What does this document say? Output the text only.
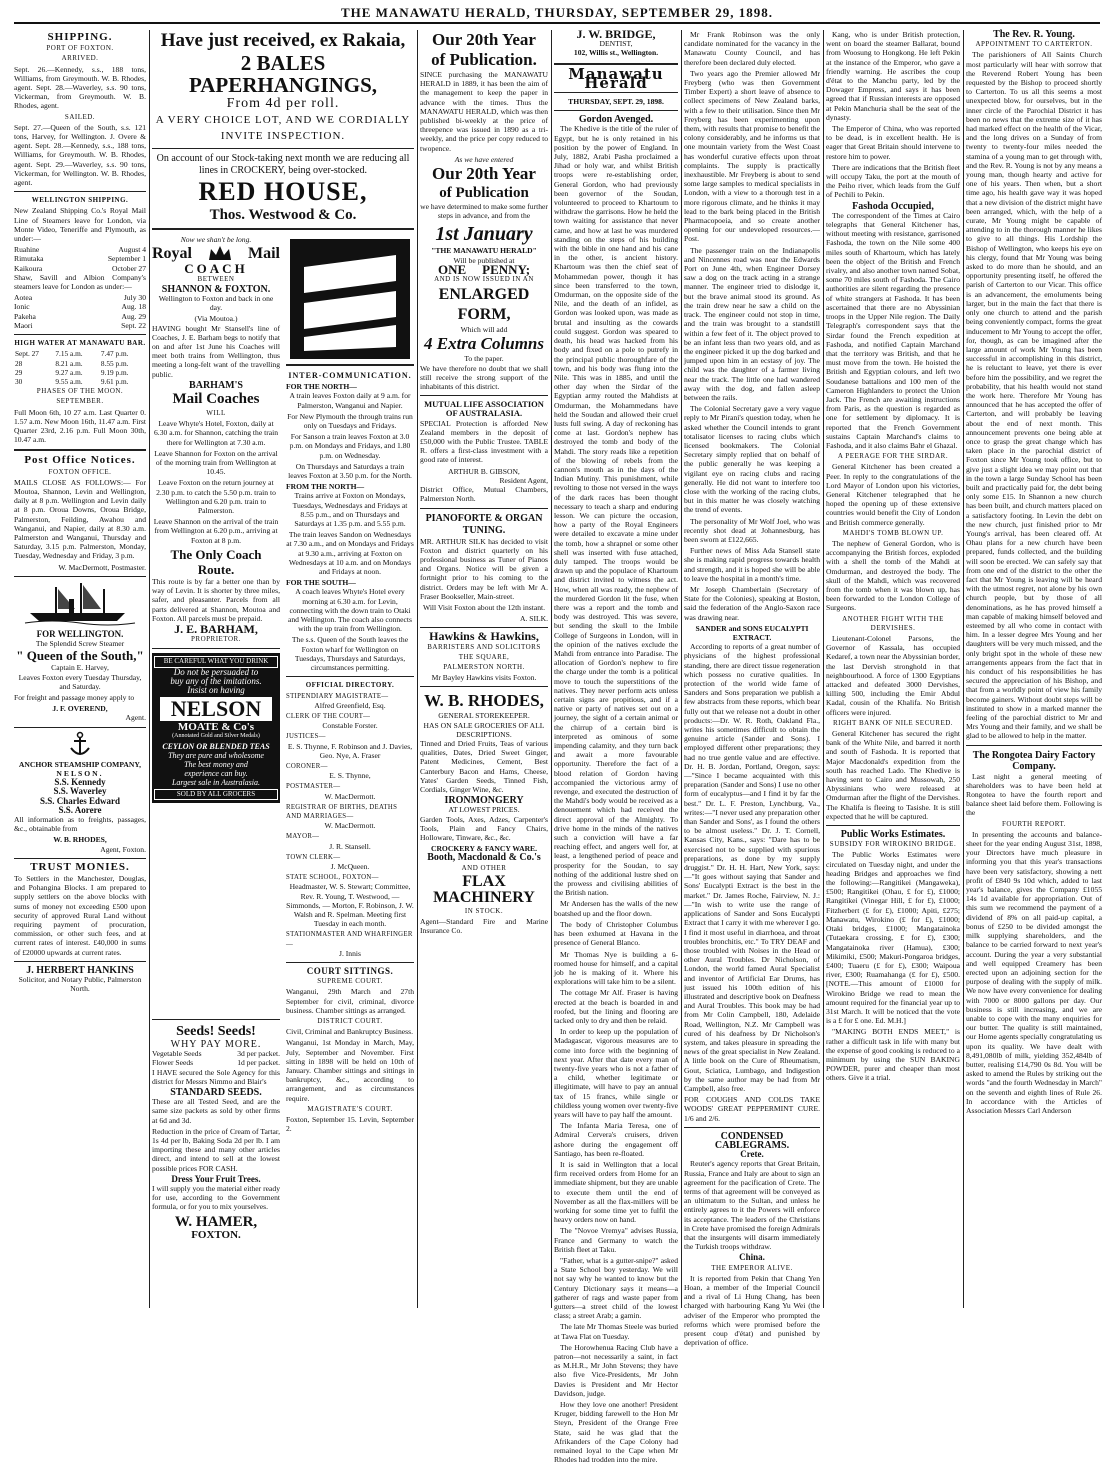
THE MANAWATU HERALD, THURSDAY, SEPTEMBER 29, 1898.
SHIPPING.
PORT OF FOXTON.
ARRIVED.

Sept. 26.—Kennedy, s.s., 188 tons, Williams, from Greymouth. W. B. Rhodes, agent. Sept. 28.—Waverley, s.s. 90 tons, Vickerman, from Greymouth. W. B. Rhodes, agent.

SAILED.

Sept. 27.—Queen of the South, s.s. 121 tons, Harvey, for Wellington. J. Overe & agent. Sept. 28.—Kennedy, s.s., 188 tons, Williams, for Greymouth. W. B. Rhodes, agent. Sept. 29.—Waverley, s.s. 90 tons, Vickerman, for Wellington. W. B. Rhodes, agent.

WELLINGTON SHIPPING.

New Zealand Shipping Co.'s Royal Mail Line of Steamers leave for London, via Monte Video, Teneriffe and Plymouth, as under:—

Ruahine	August 4
Rimutaka	September 1
Kaikoura	October 27

Shaw, Savill and Albion Company's steamers leave for London as under:—

Aotea	July 30
Ionic	Aug. 18
Pakeha	Aug. 29
Maori	Sept. 22
HIGH WATER AT MANAWATU BAR.
Sept. 27	7.15 a.m.	7.47 p.m.
28	8.21 a.m.	8.55 p.m.
29	9.27 a.m.	9.19 p.m.
30	9.55 a.m.	9.61 p.m.
PHASES OF THE MOON.
SEPTEMBER.

Full Moon 6th, 10 27 a.m. Last Quarter 0. 1.57 a.m. New Moon 16th, 11.47 a.m. First Quarter 23rd, 2.16 p.m. Full Moon 30th, 10.47 a.m.

Post Office Notices.
FOXTON OFFICE.

MAILS CLOSE AS FOLLOWS:— For Moutoa, Shannon, Levin and Wellington, daily at 8 p.m. Wellington and Levin daily at 8 p.m. Oroua Downs, Oroua Bridge, Palmerston, Feilding, Awahou and Wanganui, and Napier, daily at 8.30 a.m. Palmerston and Wanganui, Thursday and Saturday, 3.15 p.m. Palmerston, Monday, Tuesday, Wednesday and Friday, 3 p.m.

W. MacDermott, Postmaster.

FOR WELLINGTON.
The Splendid Screw Steamer
" Queen of the South,"
Captain E. Harvey,

Leaves Foxton every Tuesday Thursday, and Saturday.

For freight and passage money apply to

J. F. OVEREND,
Agent.
ANCHOR STEAMSHIP COMPANY,
NELSON.
S.S. Kennedy
S.S. Waverley
S.S. Charles Edward
S.S. Aorere

All information as to freights, passages, &c., obtainable from

W. B. RHODES,
Agent, Foxton.
TRUST MONIES.

To Settlers in the Manchester, Douglas, and Pohangina Blocks. I am prepared to supply settlers on the above blocks with sums of money not exceeding £500 upon security of approved Rural Land without requiring payment of procuration, commission, or other such fees, and at current rates of interest. £40,000 in sums of £20000 upwards at current rates.

J. HERBERT HANKINS
Solicitor, and Notary Public, Palmerston North.
Have just received, ex Rakaia,
2 BALES PAPERHANGINGS,
From 4d per roll.
A VERY CHOICE LOT, AND WE CORDIALLY INVITE INSPECTION.
On account of our Stock-taking next month we are reducing all lines in CROCKERY, being over-stocked.
RED HOUSE,
Thos. Westwood & Co.
Now we shan't be long.
Royal	Mail
COACH
BETWEEN
SHANNON & FOXTON.

Wellington to Foxton and back in one day.

(Via Moutoa.)

HAVING bought Mr Stansell's line of Coaches, J. E. Barham begs to notify that on and after 1st June his Coaches will meet both trains from Wellington, thus meeting a long-felt want of the travelling public.

BARHAM'S
Mail Coaches
WILL

Leave Whyte's Hotel, Foxton, daily at 6.30 a.m. for Shannon, catching the train there for Wellington at 7.30 a.m.

Leave Shannon for Foxton on the arrival of the morning train from Wellington at 10.45.

Leave Foxton on the return journey at 2.30 p.m. to catch the 5.50 p.m. train to Wellington and 6.20 p.m. train to Palmerston.

Leave Shannon on the arrival of the train from Wellington at 6.20 p.m., arriving at Foxton at 8 p.m.

The Only Coach Route.

This route is by far a better one than by way of Levin. It is shorter by three miles, safer, and pleasanter. Parcels from all parts delivered at Shannon, Moutoa and Foxton. All parcels must be prepaid.

J. E. BARHAM,
PROPRIETOR.
BE CAREFUL WHAT YOU DRINK
Do not be persuaded to
buy any of the imitations.
Insist on having
NELSON
MOATE & Co's
(Annotated Gold and Silver Medals)
CEYLON OR BLENDED TEAS
They are pure and wholesome
The best money and
experience can buy.
Largest sale in Australasia.
SOLD BY ALL GROCERS
INTER-COMMUNICATION.
FOR THE NORTH—

A train leaves Foxton daily at 9 a.m. for Palmerston, Wanganui and Napier.

For New Plymouth the through trains run only on Tuesdays and Fridays.

For Sanson a train leaves Foxton at 3.0 p.m. on Mondays and Fridays, and 1.80 p.m. on Wednesday.

On Thursdays and Saturdays a train leaves Foxton at 3.50 p.m. for the North.

FROM THE NORTH—

Trains arrive at Foxton on Mondays, Tuesdays, Wednesdays and Fridays at 8.55 p.m., and on Thursdays and Saturdays at 1.35 p.m. and 5.55 p.m.

The train leaves Sandon on Wednesdays at 7.30 a.m., and on Mondays and Fridays at 9.30 a.m., arriving at Foxton on Wednesdays at 10 a.m. and on Mondays and Fridays at noon.

FOR THE SOUTH—

A coach leaves Whyte's Hotel every morning at 6.30 a.m. for Levin, connecting with the down train to Otaki and Wellington. The coach also connects with the up train from Wellington.

The s.s. Queen of the South leaves the Foxton wharf for Wellington on Tuesdays, Thursdays and Saturdays, circumstances permitting.

OFFICIAL DIRECTORY.
STIPENDIARY MAGISTRATE—
Alfred Greenfield, Esq.
CLERK OF THE COURT—
Constable Forster.
JUSTICES—
E. S. Thynne, F. Robinson and J. Davies, Geo. Nye, A. Fraser
CORONER—
E. S. Thynne,
POSTMASTER—
W. MacDermott.
REGISTRAR OF BIRTHS, DEATHS AND MARRIAGES—
W. MacDermott.
MAYOR—
J. R. Stansell.
TOWN CLERK—
J. McQueen.
STATE SCHOOL, FOXTON—
Headmaster, W. S. Stewart; Committee, Rev. R. Young, T. Westwood, — Simmonds, — Morton, F. Robinson, J. W. Walsh and R. Spelman. Meeting first Tuesday in each month.
STATIONMASTER AND WHARFINGER—
J. Innis
COURT SITTINGS.
SUPREME COURT.

Wanganui, 29th March and 27th September for civil, criminal, divorce business. Chamber sittings as arranged.

DISTRICT COURT.

Civil, Criminal and Bankruptcy Business.

Wanganui, 1st Monday in March, May, July, September and November. First sitting in 1898 will be held on 10th of January. Chamber sittings and sittings in bankruptcy, &c., according to arrangement, and as circumstances require.

MAGISTRATE'S COURT.

Foxton, September 15. Levin, September 2.

Seeds! Seeds!
WHY PAY MORE.
Vegetable Seeds	3d per packet.
Flower Seeds	1d per packet.

I HAVE secured the Sole Agency for this district for Messrs Nimmo and Blair's

STANDARD SEEDS.

These are all Tested Seed, and are the same size packets as sold by other firms at 6d and 3d.

Reduction in the price of Cream of Tartar, 1s 4d per lb, Baking Soda 2d per lb. I am importing these and many other articles direct, and intend to sell at the lowest possible prices FOR CASH.

Dress Your Fruit Trees.

I will supply you the material either ready for use, according to the Government formula, or for you to mix yourselves.

W. HAMER,
FOXTON.
Our 20th Year
of Publication.

SINCE purchasing the MANAWATU HERALD in 1889, it has been the aim of the management to keep the paper in advance with the times. Thus the MANAWATU HERALD, which was then published bi-weekly at the price of threepence was issued in 1890 as a tri-weekly, and the price per copy reduced to twopence.

As we have entered
Our 20th Year
of Publication

we have determined to make some further steps in advance, and from the

1st January
"THE MANAWATU HERALD"
Will be published at
ONE PENNY;
AND IS NOW ISSUED IN AN
ENLARGED FORM,
Which will add
4 Extra Columns
To the paper.

We have therefore no doubt that we shall still receive the strong support of the inhabitants of this district.

MUTUAL LIFE ASSOCIATION OF AUSTRALASIA.

SPECIAL Protection is afforded New Zealand members in the deposit of £50,000 with the Public Trustee. TABLE R. offers a first-class investment with a good rate of interest.

ARTHUR B. GIBSON,
Resident Agent,

District Office, Mutual Chambers, Palmerston North.

PIANOFORTE & ORGAN TUNING.

MR. ARTHUR SILK has decided to visit Foxton and district quarterly on his professional business as Tuner of Pianos and Organs. Notice will be given a fortnight prior to his coming to the district. Orders may be left with Mr A. Fraser Bookseller, Main-street.

Will Visit Foxton about the 12th instant.

A. SILK.
Hawkins & Hawkins,
BARRISTERS AND SOLICITORS
THE SQUARE,
PALMERSTON NORTH.
Mr Bayley Hawkins visits Foxton.
W. B. RHODES,
GENERAL STOREKEEPER.
HAS ON SALE GROCERIES OF ALL DESCRIPTIONS.

Tinned and Dried Fruits, Teas of various qualities, Dates, Dried Sweet Ginger, Patent Medicines, Cement, Best Canterbury Bacon and Hams, Cheese, Yates' Garden Seeds, Tinned Fish, Cordials, Ginger Wine, &c.

IRONMONGERY
AT LOWEST PRICES.

Garden Tools, Axes, Adzes, Carpenter's Tools, Plain and Fancy Chairs, Holloware, Tinware, &c., &c.

CROCKERY & FANCY WARE.
Booth, Macdonald & Co.'s
AND OTHER
FLAX MACHINERY
IN STOCK.

Agent—Standard Fire and Marine Insurance Co.

J. W. BRIDGE,
DENTIST,
102, Willis st., Wellington.
Manawatu Herald
THURSDAY, SEPT. 29, 1898.
Gordon Avenged.

The Khedive is the title of the ruler of Egypt, but he is only retained in his position by the power of England. In July, 1882, Arabi Pasha proclaimed a Jihad or holy war, and whilst British troops were re-establishing order, General Gordon, who had previously been governor of the Soudan, volunteered to proceed to Khartoum to withdraw the garrisons. How he held the town waiting for assistance that never came, and how at last he was murdered standing on the steps of his building with the bible in one hand and his cane in the other, is ancient history. Khartoum was then the chief seat of Mohammedan power, though it has since been transferred to the town, Omdurman, on the opposite side of the Nile, and the death of an infidel, as Gordon was looked upon, was made as brutal and insulting as the cowards could suggest. Gordon was speared to death, his head was hacked from his body and fixed on a pole to putrefy in the principal public thoroughfare of the town, and his body was flung into the Nile. This was in 1885, and until the other day when the Sirdar of the Egyptian army routed the Mahdists at Omdurman, the Mohammedans have held the Soudan and allowed their cruel lusts full swing. A day of reckoning has come at last. Gordon's nephew has destroyed the tomb and body of the Mahdi. The story reads like a repetition of the blowing of rebels from the cannon's mouth as in the days of the Indian Mutiny. This punishment, while revolting to those not versed in the ways of the dark races has been thought necessary to teach a sharp and enduring lesson. We can picture the occasion, how a party of the Royal Engineers were detailed to excavate a mine under the tomb, how a shrapnel or some other shell was inserted with fuse attached, duly tamped. The troops would be drawn up and the populace of Khartoum and district invited to witness the act. How, when all was ready, the nephew of the murdered Gordon lit the fuse, when there was a report and the tomb and body was destroyed. This was severe, but sending the skull to the Imbile College of Surgeons in London, will in the opinion of the natives exclude the Mahdi from entrance into Paradise. The allocation of Gordon's nephew to fire the charge under the tomb is a political move to touch the superstitions of the natives. They never perform acts unless certain signs are propitious, and if a native or party of natives set out on a journey, the sight of a certain animal or the chirrup of a certain bird is interpreted as ominous of some impending calamity, and they turn back and await a more favourable opportunity. Therefore the fact of a blood relation of Gordon having accompanied the victorious army of revenge, and executed the destruction of the Mahdi's body would be received as a denouement which had received the direct approval of the Almighty. To drive home in the minds of the natives such a conviction will have a far reaching effect, and angers well for, at least, a lengthened period of peace and prosperity for the Soudan, to say nothing of the additional lustre shed on the prowess and civilising abilities of the British nation.

Mr Andersen has the walls of the new boatshed up and the floor down.

The body of Christopher Columbus has been exhumed at Havana in the presence of General Blanco.

Mr Thomas Nye is building a 6-roomed house for himself, and a capital job he is making of it. Where his explorations will take him to be a silent.

The cottage Mr Alf. Fraser is having erected at the beach is boarded in and roofed, but the lining and flooring are tacked only to dry and then be relaid.

In order to keep up the population of Madagascar, vigorous measures are to come into force with the beginning of next year. After that date every man of twenty-five years who is not a father of a child, whether legitimate or illegitimate, will have to pay an annual tax of 15 francs, while single or childless young women over twenty-five years will have to pay half the amount.

The Infanta Maria Teresa, one of Admiral Cervera's cruisers, driven ashore during the engagement off Santiago, has been re-floated.

It is said in Wellington that a local firm received orders from Home for an immediate shipment, but they are unable to execute them until the end of November as all the flax-millers will be working for some time yet to fulfil the heavy orders now on hand.

The "Novoe Vremya" advises Russia, France and Germany to watch the British fleet at Taku.

"Father, what is a gutter-snipe?" asked a State School boy yesterday. We will not say why he wanted to know but the Century Dictionary says it means—a gatherer of rags and waste paper from gutters—a street child of the lowest class; a street Arab; a gamin.

The late Mr Thomas Steele was buried at Tawa Flat on Tuesday.

The Horowhenua Racing Club have a patron—not necessarily a saint, in fact as M.H.R., Mr John Stevens; they have also five Vice-Presidents, Mr John Davies is President and Mr Hector Davidson, judge.

How they love one another! President Kruger, bidding farewell to the Hon Mr Steyn, President of the Orange Free State, said he was glad that the Afrikanders of the Cape Colony had remained loyal to the Cape when Mr Rhodes had trodden into the mire.

Mr Frank Robinson was the only candidate nominated for the vacancy in the Manawatu County Council, and has therefore been declared duly elected.

Two years ago the Premier allowed Mr Freyberg (who was then Government Timber Expert) a short leave of absence to collect specimens of New Zealand barks, with a few to their utilisation. Since then Mr Freyberg has been experimenting upon them, with results that promise to benefit the colony considerably, and he informs us that one mountain variety from the West Coast has wonderful curative effects upon throat complaints. The supply is practically inexhaustible. Mr Freyberg is about to send some large samples to medical specialists in London, with a view to a thorough test in a more rigorous climate, and he thinks it may lead to the bark being placed in the British Pharmacopoeia, and so create another opening for our undeveloped resources.—Post.

The passenger train on the Indianapolis and Nincennes road was near the Edwards Port on June 4th, when Engineer Dorsey saw a dog on the track acting in a strange manner. The engineer tried to dislodge it, but the brave animal stood its ground. As the train drew near he saw a child on the track. The engineer could not stop in time, and the train was brought to a standstill within a few feet of it. The object proved to be an infant less than two years old, and as the engineer picked it up the dog barked and jumped upon him in an ecstasy of joy. The child was the daughter of a farmer living near the track. The little one had wandered away with the dog, and fallen asleep between the rails.

The Colonial Secretary gave a very vague reply to Mr Pirani's question today, when he asked whether the Council intends to grant totalisator licenses to racing clubs which licensed bookmakers. The Colonial Secretary simply replied that on behalf of the public generally he was keeping a vigilant eye on racing clubs and racing generally. He did not want to interfere too close with the working of the racing clubs, but in this matter he was closely watching the trend of events.

The personality of Mr Wolf Joel, who was recently shot dead at Johannesburg, has been sworn at £122,665.

Further news of Miss Ada Stansell state she is making rapid progress towards health and strength, and it is hoped she will be able to leave the hospital in a month's time.

Mr Joseph Chamberlain (Secretary of State for the Colonies), speaking at Boston, said the federation of the Anglo-Saxon race was drawing near.

SANDER and SONS EUCALYPTI EXTRACT.

According to reports of a great number of physicians of the highest professional standing, there are direct tissue regeneration which possess no curative qualities. In protection of the world wide fame of Sanders and Sons preparation we publish a few abstracts from these reports, which bear fully out that we release not a doubt in other products:—Dr. W. R. Roth, Oakland Fla., writes his sometimes difficult to obtain the genuine article (Sander and Sons). I employed different other preparations; they had no true gentle value and are effective. Dr. H. B. Jordan, Portland, Oregon, says:—"Since I became acquainted with this preparation (Sander and Sons) I use no other form of eucalyptus—and I find it by far the best." Dr. L. F. Preston, Lynchburg, Va., writes:—"I never used any preparation other than Sander and Sons', as I found the others to be almost useless." Dr. J. T. Cornell, Kansas City, Kans., says: "Dare has to be exercised not to be supplied with spurious preparations, as done by my supply druggist." Dr. H. H. Hart, New York, says:—"It goes without saying that Sander and Sons' Eucalypti Extract is the best in the market." Dr. James Roche, Fairview, N. J.:—"In wish to write use the range of applications of Sander and Sons Eucalypti Extract that I carry it with me wherever I go. I find it most useful in diarrhoea, and throat troubles bronchitis, etc." To TRY DEAF and those troubled with Noises in the Head or other Aural Troubles. Dr Nicholson, of London, the world famed Aural Specialist and inventor of Artificial Ear Drums, has just issued his 100th edition of his illustrated and descriptive book on Deafness and Aural Troubles. This book may be had from Mr Colin Campbell, 180, Adelaide Road, Wellington, N.Z. Mr Campbell was cured of his deafness by Dr Nicholson's system, and takes pleasure in spreading the news of the great specialist in New Zealand. A little book on the Cure of Rheumatism, Gout, Sciatica, Lumbago, and Indigestion by the same author may be had from Mr Campbell, also free.

FOR COUGHS AND COLDS TAKE WOODS' GREAT PEPPERMINT CURE. 1/6 and 2/6.

CONDENSED CABLEGRAMS.
Crete.

Reuter's agency reports that Great Britain, Russia, France and Italy are about to sign an agreement for the pacification of Crete. The terms of that agreement will be conveyed as an ultimatum to the Sultan, and unless he entirely agrees to it the Powers will enforce its acceptance. The leaders of the Christians in Crete have promised the foreign Admirals that the insurgents will disarm immediately the Turkish troops withdraw.

China.
THE EMPEROR ALIVE.

It is reported from Pekin that Chang Yen Hoan, a member of the Imperial Council and a rival of Li Hung Chang, has been charged with harbouring Kang Yu Wei (the adviser of the Emperor who prompted the reforms which were promised before the present coup d'état) and punished by deprivation of office.

Kang, who is under British protection, went on board the steamer Ballarat, bound from Woosung to Hongkong. He left Pekin at the instance of the Emperor, who gave a friendly warning. He ascribes the coup d'état to the Manchu party, led by the Dowager Empress, and says it has been agreed that if Russian interests are opposed at Pekin Manchuria shall be the seat of the dynasty.

The Emperor of China, who was reported to be dead, is in excellent health. He is eager that Great Britain should intervene to restore him to power.

There are indications that the British fleet will occupy Taku, the port at the mouth of the Peiho river, which leads from the Gulf of Pechili to Pekin.

Fashoda Occupied,

The correspondent of the Times at Cairo telegraphs that General Kitchener has, without meeting with resistance, garrisoned Fashoda, the town on the Nile some 400 miles south of Khartoum, which has lately been the object of the British and French rivalry, and also another town named Sobat, some 70 miles south of Fashoda. The Cairo authorities are silent regarding the presence of white strangers at Fashoda. It has been ascertained that there are no Abyssinian troops in the Upper Nile region. The Daily Telegraph's correspondent says that the Sirdar found the French expedition at Fashoda, and notified Captain Marchand that the territory was British, and that he must move from the town. He hoisted the British and Egyptian colours, and left two Soudanese battalions and 100 men of the Cameron Highlanders to protect the Union Jack. The French are awaiting instructions from Paris, as the question is regarded as one for settlement by diplomacy. It is reported that the French Government sustains Captain Marchand's claims to Fashoda, and it also claims Bahr el Ghazal.

A PEERAGE FOR THE SIRDAR.

General Kitchener has been created a Peer. In reply to the congratulations of the Lord Mayor of London upon his victories, General Kitchener telegraphed that he hoped the opening up of these extensive countries would benefit the City of London and British commerce generally.

MAHDI'S TOMB BLOWN UP.

The nephew of General Gordon, who is accompanying the British forces, exploded with a shell the tomb of the Mahdi at Omdurman, and destroyed the body. The skull of the Mahdi, which was recovered from the tomb when it was blown up, has been forwarded to the London College of Surgeons.

ANOTHER FIGHT WITH THE DERVISHES.

Lieutenant-Colonel Parsons, the Governor of Kassala, has occupied Kedaref, a town near the Abyssinian border, the last Dervish stronghold in that neighbourhood. A force of 1300 Egyptians attacked and defeated 3000 Dervishes, killing 500, including the Emir Abdul Kadal, cousin of the Khalifa. No British officers were injured.

RIGHT BANK OF NILE SECURED.

General Kitchener has secured the right bank of the White Nile, and barred it north and south of Fashoda. It is reported that Major Macdonald's expedition from the south has reached Lado. The Khedive is having sent to Cairo and Mussowah, 250 Abyssinians who were released at Omdurman after the flight of the Dervishes. The Khalifa is fleeing to Tasishe. It is still expected that he will be captured.

Public Works Estimates.
SUBSIDY FOR WIROKINO BRIDGE.

The Public Works Estimates were circulated on Tuesday night, and under the heading Bridges and approaches we find the following:—Rangitikei (Mangaweka), £500; Rangitikei (Ohau, £ for £), £1000; Rangitikei (Vinegar Hill, £ for £), £1000; Fitzherbert (£ for £), £1000; Apiti, £275; Manawatu, Wirokino (£ for £), £1000; Otaki bridges, £1000; Mangatainoka (Tutaekara crossing, £ for £), £300; Mangatainoka river (Hamua), £300; Mikimiki, £500; Makuri-Pongaroa bridges, £400; Tuaeru (£ for £), £300; Waipoua river, £300; Ruamahanga (£ for £), £500. [NOTE.—This amount of £1000 for Wirokino Bridge we read to mean the amount required for the financial year up to 31st March. It will be noticed that the vote is a £ for £ one. Ed. M.H.]

"MAKING BOTH ENDS MEET," is rather a difficult task in life with many but the expense of good cooking is reduced to a minimum by using the SUN BAKING POWDER, purer and cheaper than most others. Give it a trial.

The Rev. R. Young.
APPOINTMENT TO CARTERTON.

The parishioners of All Saints Church most particularly will hear with sorrow that the Reverend Robert Young has been requested by the Bishop to proceed shortly to Carterton. To us all this seems a most unexpected blow, for ourselves, but in the inner circle of the Parochial District it has been no news that the extreme size of it has had marked effect on the health of the Vicar, and the long drives on a Sunday of from twenty to twenty-four miles needed the stamina of a young man to get through with, and the Rev. R. Young is not by any means a young man, though hearty and active for one of his years. Then when, but a short time ago, his health gave way it was hoped that a new division of the district might have been arranged, which, with the help of a curate, Mr Young might be capable of attending to in the thorough manner he likes to give to all things. His Lordship the Bishop of Wellington, who keeps his eye on his clergy, found that Mr Young was being asked to do more than he should, and an opportunity presenting itself, he offered the parish of Carterton to our Vicar. This office is an advancement, the emoluments being larger, but in the main the fact that there is only one church to attend and the parish being conveniently compact, forms the great inducement to Mr Young to accept the offer, for, though, as can be imagined after the large amount of work Mr Young has been successful in accomplishing in this district, he is reluctant to leave, yet there is ever before him the possibility, and we regret the probability, that his health would not stand the work here. Therefore Mr Young has announced that he has accepted the offer of Carterton, and will probably be leaving about the end of next month. This announcement prevents one being able at once to grasp the great change which has taken place in the parochial district of Foxton since Mr Young took office, but to give just a slight idea we may point out that in the town a large Sunday School has been built and practically paid for, the debt being only some £15. In Shannon a new church has been built, and church matters placed on a satisfactory footing. In Levin the debt on the new church, just finished prior to Mr Young's arrival, has been cleared off. At Ohau plans for a new church have been prepared, funds collected, and the building will soon be erected. We can safely say that from one end of the district to the other the fact that Mr Young is leaving will be heard with the utmost regret, not alone by his own church people, but by those of all denominations, as he has proved himself a man capable of making himself beloved and esteemed by all who come in contact with him. In a lesser degree Mrs Young and her daughters will be very much missed, and the only bright spot in the whole of these new arrangements appears from the fact that in his conduct of his responsibilities he has secured the appreciation of his Bishop, and that from a worldly point of view his family become gainers. Without doubt steps will be instituted to show in a marked manner the feeling of the parochial district to Mr and Mrs Young and their family, and we shall be glad to be allowed to help in the matter.

The Rongotea Dairy Factory Company.

Last night a general meeting of shareholders was to have been held at Rongotea to have the fourth report and balance sheet laid before them. Following is the

FOURTH REPORT.

In presenting the accounts and balance-sheet for the year ending August 31st, 1898, your Directors have much pleasure in informing you that this year's transactions have been very satisfactory, showing a nett profit of £840 9s 10d which, added to last year's balance, gives the Company £1055 14s 1d available for appropriation. Out of this sum we recommend the payment of a dividend of 8% on all paid-up capital, a bonus of £250 to be divided amongst the milk supplying shareholders, and the balance to be carried forward to next year's account. During the year a very substantial and well equipped Creamery has been erected upon an adjoining section for the purpose of dealing with the supply of milk. We now have every convenience for dealing with 7000 or 8000 gallons per day. Our business is still increasing, and we are unable to cope with the many enquiries for our butter. The quality is still maintained, our Home agents specially congratulating us upon its quality. We have dealt with 8,491,080lb of milk, yielding 352,484lb of butter, realising £14,790 0s 8d. You will be asked to amend the Rules by striking out the words "and the fourth Wednesday in March" on the seventh and eighth lines of Rule 26. In accordance with the Articles of Association Messrs Carl Anderson
